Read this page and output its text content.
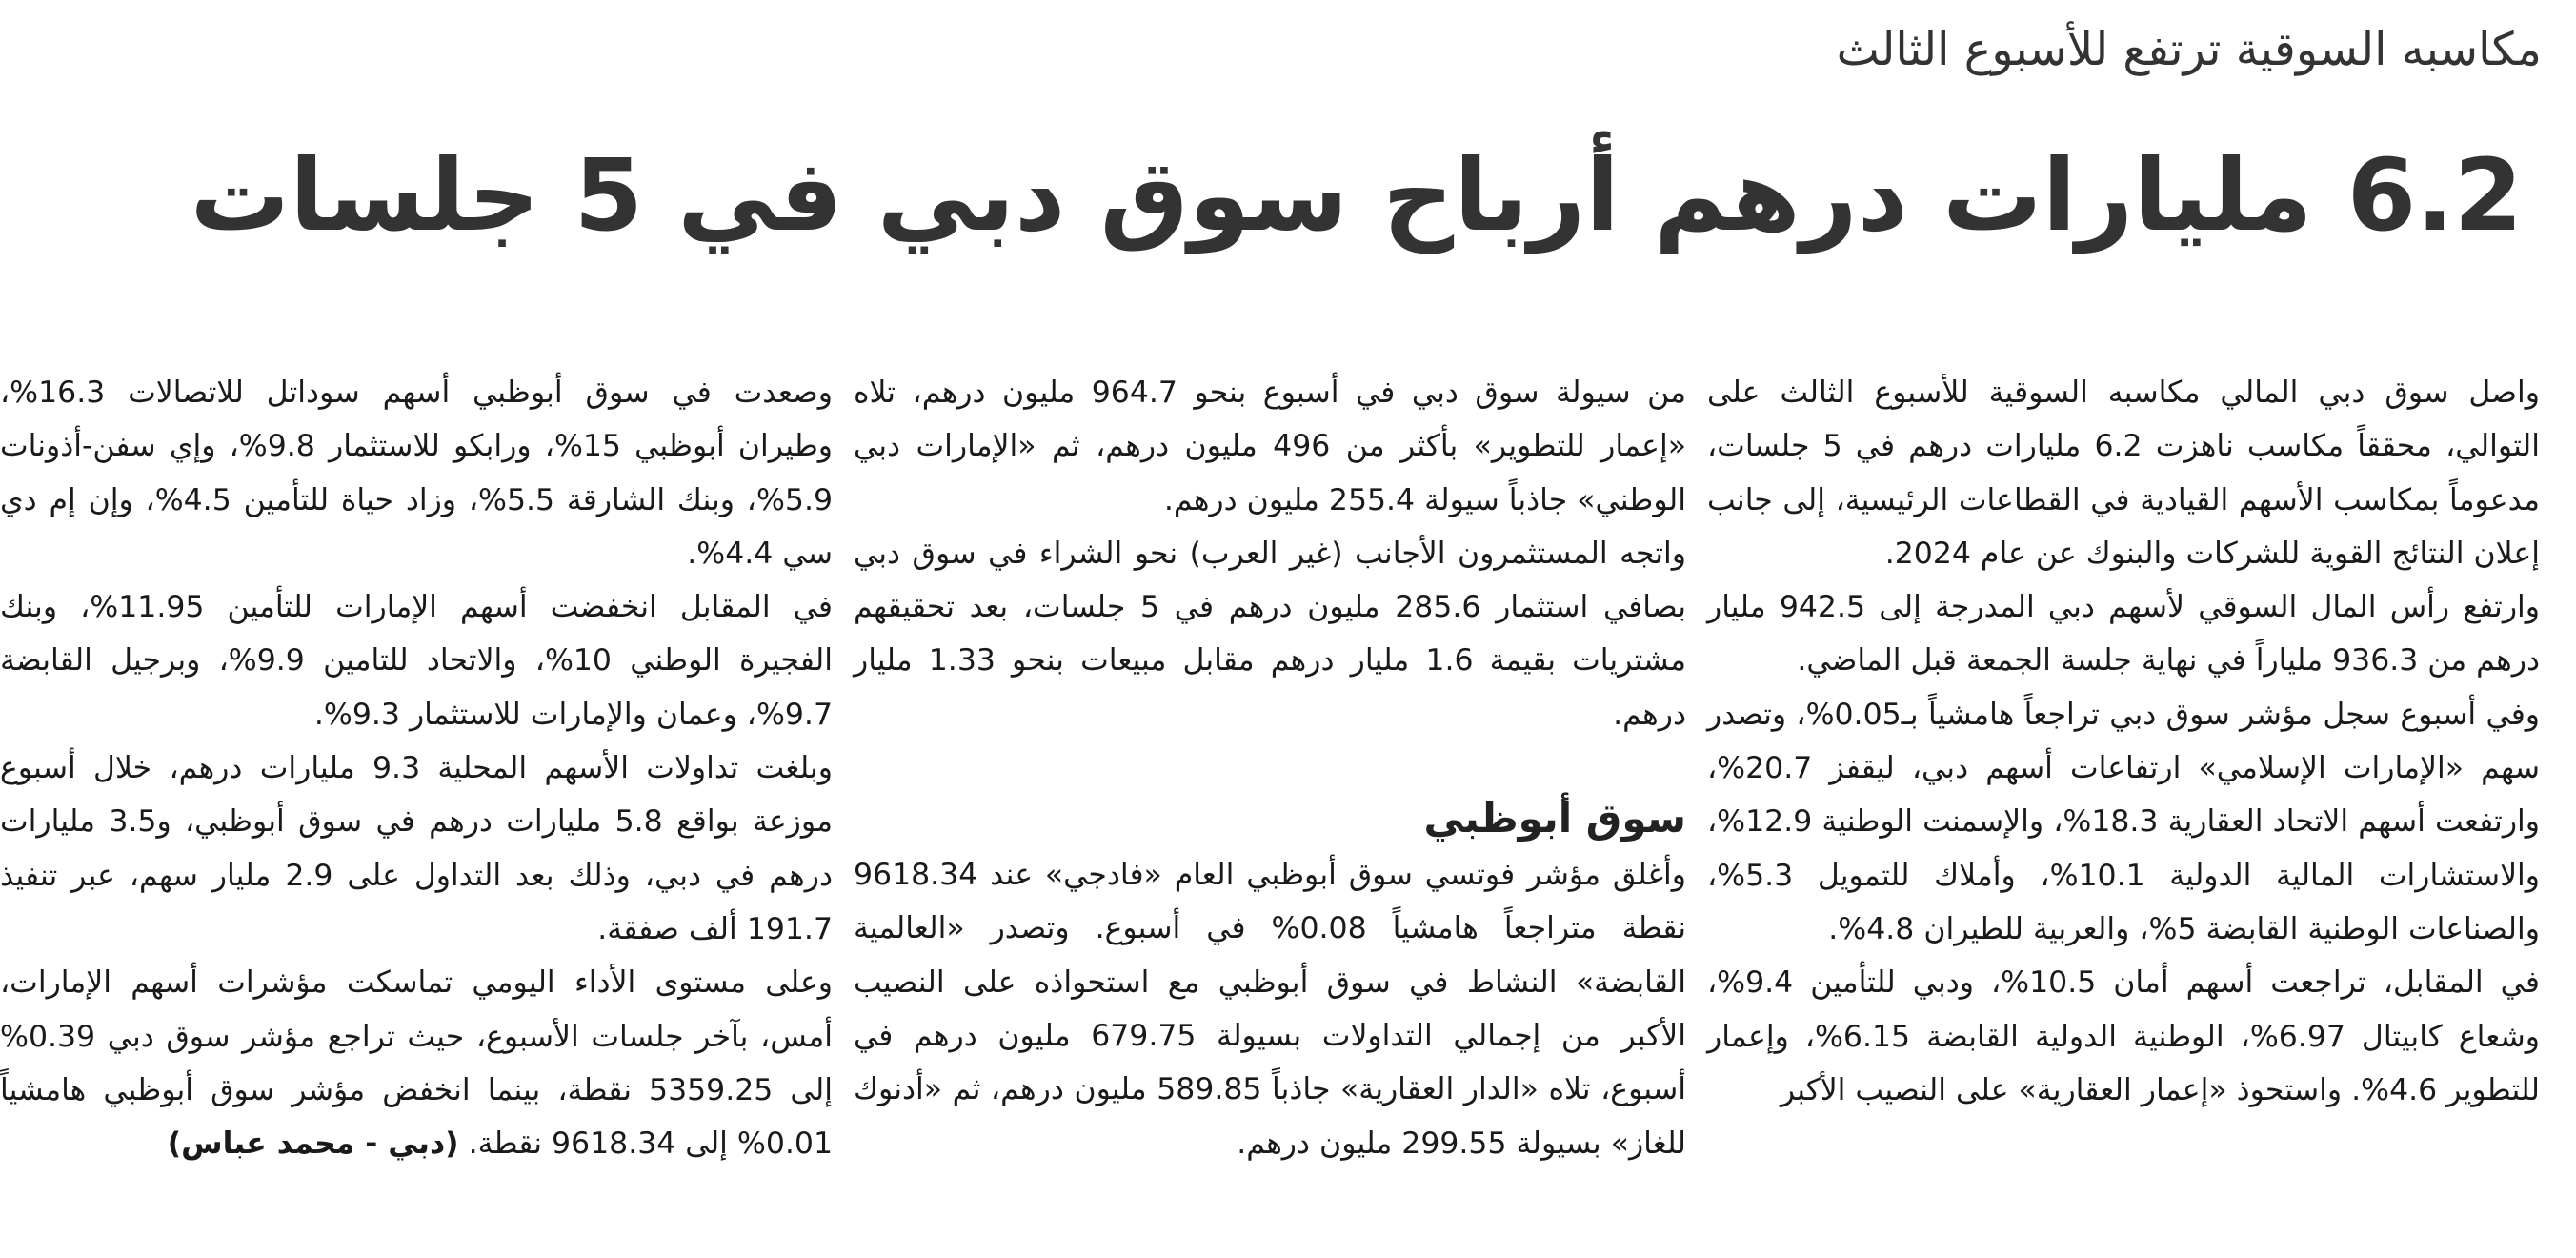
مكاسبه السوقية ترتفع للأسبوع الثالث
6.2 مليارات درهم أرباح سوق دبي في 5 جلسات

واصل سوق دبي المالي مكاسبه السوقية للأسبوع الثالث على التوالي، محققاً مكاسب ناهزت 6.2 مليارات درهم في 5 جلسات، مدعوماً بمكاسب الأسهم القيادية في القطاعات الرئيسية، إلى جانب إعلان النتائج القوية للشركات والبنوك عن عام 2024.

وارتفع رأس المال السوقي لأسهم دبي المدرجة إلى 942.5 مليار درهم من 936.3 ملياراً في نهاية جلسة الجمعة قبل الماضي.

وفي أسبوع سجل مؤشر سوق دبي تراجعاً هامشياً بـ0.05%، وتصدر سهم «الإمارات الإسلامي» ارتفاعات أسهم دبي، ليقفز 20.7%، وارتفعت أسهم الاتحاد العقارية 18.3%، والإسمنت الوطنية 12.9%، والاستشارات المالية الدولية 10.1%، وأملاك للتمويل 5.3%، والصناعات الوطنية القابضة 5%، والعربية للطيران 4.8%.

في المقابل، تراجعت أسهم أمان 10.5%، ودبي للتأمين 9.4%، وشعاع كابيتال 6.97%، الوطنية الدولية القابضة 6.15%، وإعمار للتطوير 4.6%. واستحوذ «إعمار العقارية» على النصيب الأكبر

من سيولة سوق دبي في أسبوع بنحو 964.7 مليون درهم، تلاه «إعمار للتطوير» بأكثر من 496 مليون درهم، ثم «الإمارات دبي الوطني» جاذباً سيولة 255.4 مليون درهم.

واتجه المستثمرون الأجانب (غير العرب) نحو الشراء في سوق دبي بصافي استثمار 285.6 مليون درهم في 5 جلسات، بعد تحقيقهم مشتريات بقيمة 1.6 مليار درهم مقابل مبيعات بنحو 1.33 مليار درهم.

سوق أبوظبي

وأغلق مؤشر فوتسي سوق أبوظبي العام «فادجي» عند 9618.34 نقطة متراجعاً هامشياً 0.08% في أسبوع. وتصدر «العالمية القابضة» النشاط في سوق أبوظبي مع استحواذه على النصيب الأكبر من إجمالي التداولات بسيولة 679.75 مليون درهم في أسبوع، تلاه «الدار العقارية» جاذباً 589.85 مليون درهم، ثم «أدنوك للغاز» بسيولة 299.55 مليون درهم.

وصعدت في سوق أبوظبي أسهم سوداتل للاتصالات 16.3%، وطيران أبوظبي 15%، ورابكو للاستثمار 9.8%، وإي سفن-أذونات 5.9%، وبنك الشارقة 5.5%، وزاد حياة للتأمين 4.5%، وإن إم دي سي 4.4%.

في المقابل انخفضت أسهم الإمارات للتأمين 11.95%، وبنك الفجيرة الوطني 10%، والاتحاد للتامين 9.9%، وبرجيل القابضة 9.7%، وعمان والإمارات للاستثمار 9.3%.

وبلغت تداولات الأسهم المحلية 9.3 مليارات درهم، خلال أسبوع موزعة بواقع 5.8 مليارات درهم في سوق أبوظبي، و3.5 مليارات درهم في دبي، وذلك بعد التداول على 2.9 مليار سهم، عبر تنفيذ 191.7 ألف صفقة.

وعلى مستوى الأداء اليومي تماسكت مؤشرات أسهم الإمارات، أمس، بآخر جلسات الأسبوع، حيث تراجع مؤشر سوق دبي 0.39% إلى 5359.25 نقطة، بينما انخفض مؤشر سوق أبوظبي هامشياً 0.01% إلى 9618.34 نقطة. (دبي - محمد عباس)
